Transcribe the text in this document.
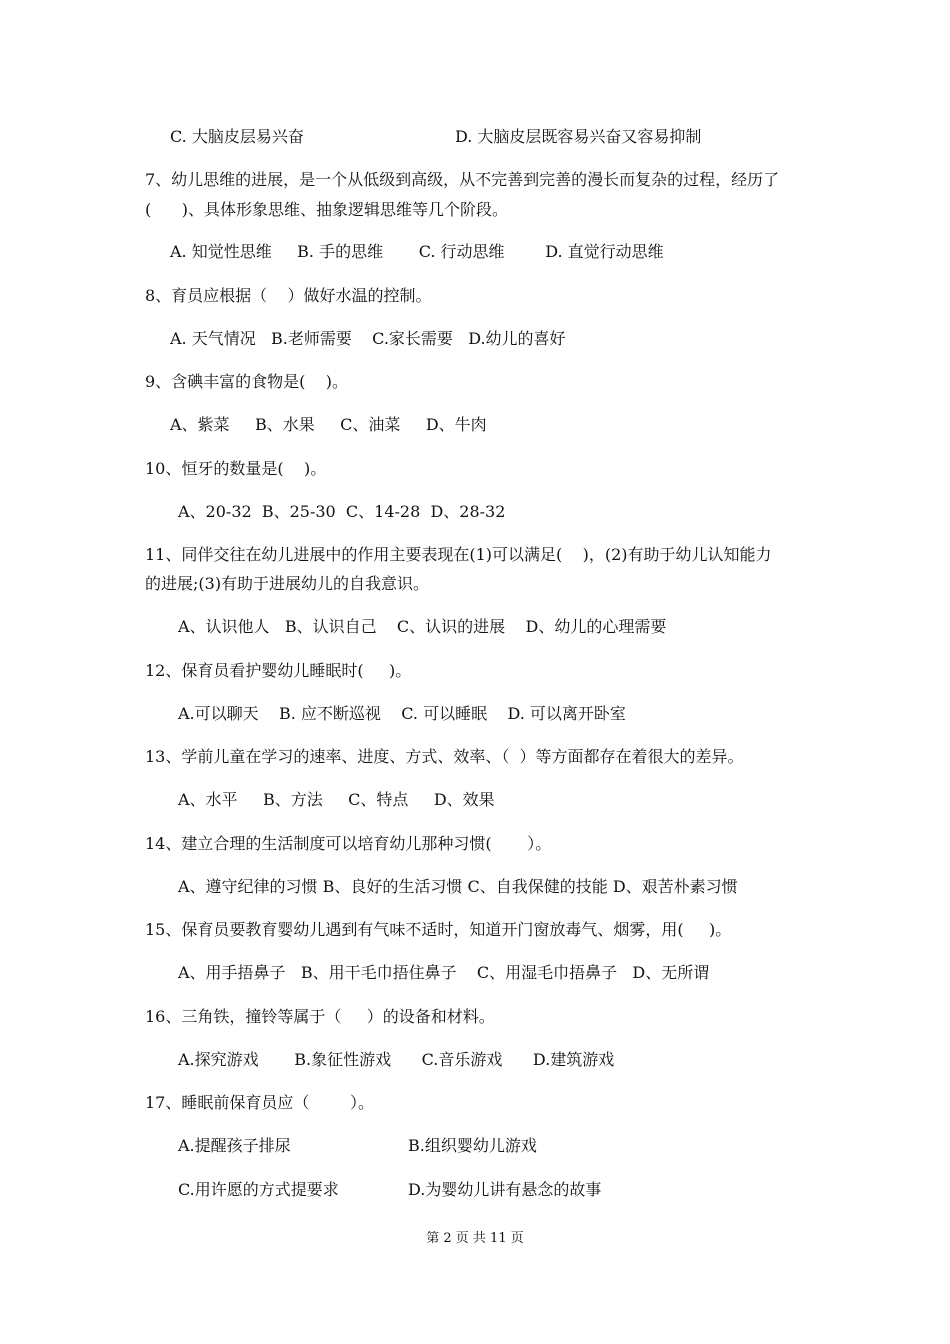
C. 大脑皮层易兴奋	D. 大脑皮层既容易兴奋又容易抑制
7、幼儿思维的进展，是一个从低级到高级，从不完善到完善的漫长而复杂的过程，经历了
(      )、具体形象思维、抽象逻辑思维等几个阶段。
A. 知觉性思维     B. 手的思维       C. 行动思维        D. 直觉行动思维
8、育员应根据（    ）做好水温的控制。
A. 天气情况   B.老师需要    C.家长需要   D.幼儿的喜好
9、含碘丰富的食物是(    )。
A、紫菜     B、水果     C、油菜     D、牛肉
10、恒牙的数量是(    )。
A、20-32  B、25-30  C、14-28  D、28-32
11、同伴交往在幼儿进展中的作用主要表现在(1)可以满足(    )，(2)有助于幼儿认知能力
的进展;(3)有助于进展幼儿的自我意识。
A、认识他人   B、认识自己    C、认识的进展    D、幼儿的心理需要
12、保育员看护婴幼儿睡眠时(     )。
A.可以聊天    B. 应不断巡视    C. 可以睡眠    D. 可以离开卧室
13、学前儿童在学习的速率、进度、方式、效率、（  ）等方面都存在着很大的差异。
A、水平     B、方法     C、特点     D、效果
14、建立合理的生活制度可以培育幼儿那种习惯(       ）。
A、遵守纪律的习惯 B、良好的生活习惯 C、自我保健的技能 D、艰苦朴素习惯
15、保育员要教育婴幼儿遇到有气味不适时，知道开门窗放毒气、烟雾，用(     )。
A、用手捂鼻子   B、用干毛巾捂住鼻子    C、用湿毛巾捂鼻子   D、无所谓
16、三角铁，撞铃等属于（     ）的设备和材料。
A.探究游戏       B.象征性游戏      C.音乐游戏      D.建筑游戏
17、睡眠前保育员应（        ）。
A.提醒孩子排尿	B.组织婴幼儿游戏
C.用许愿的方式提要求	D.为婴幼儿讲有悬念的故事
第 2 页 共 11 页
